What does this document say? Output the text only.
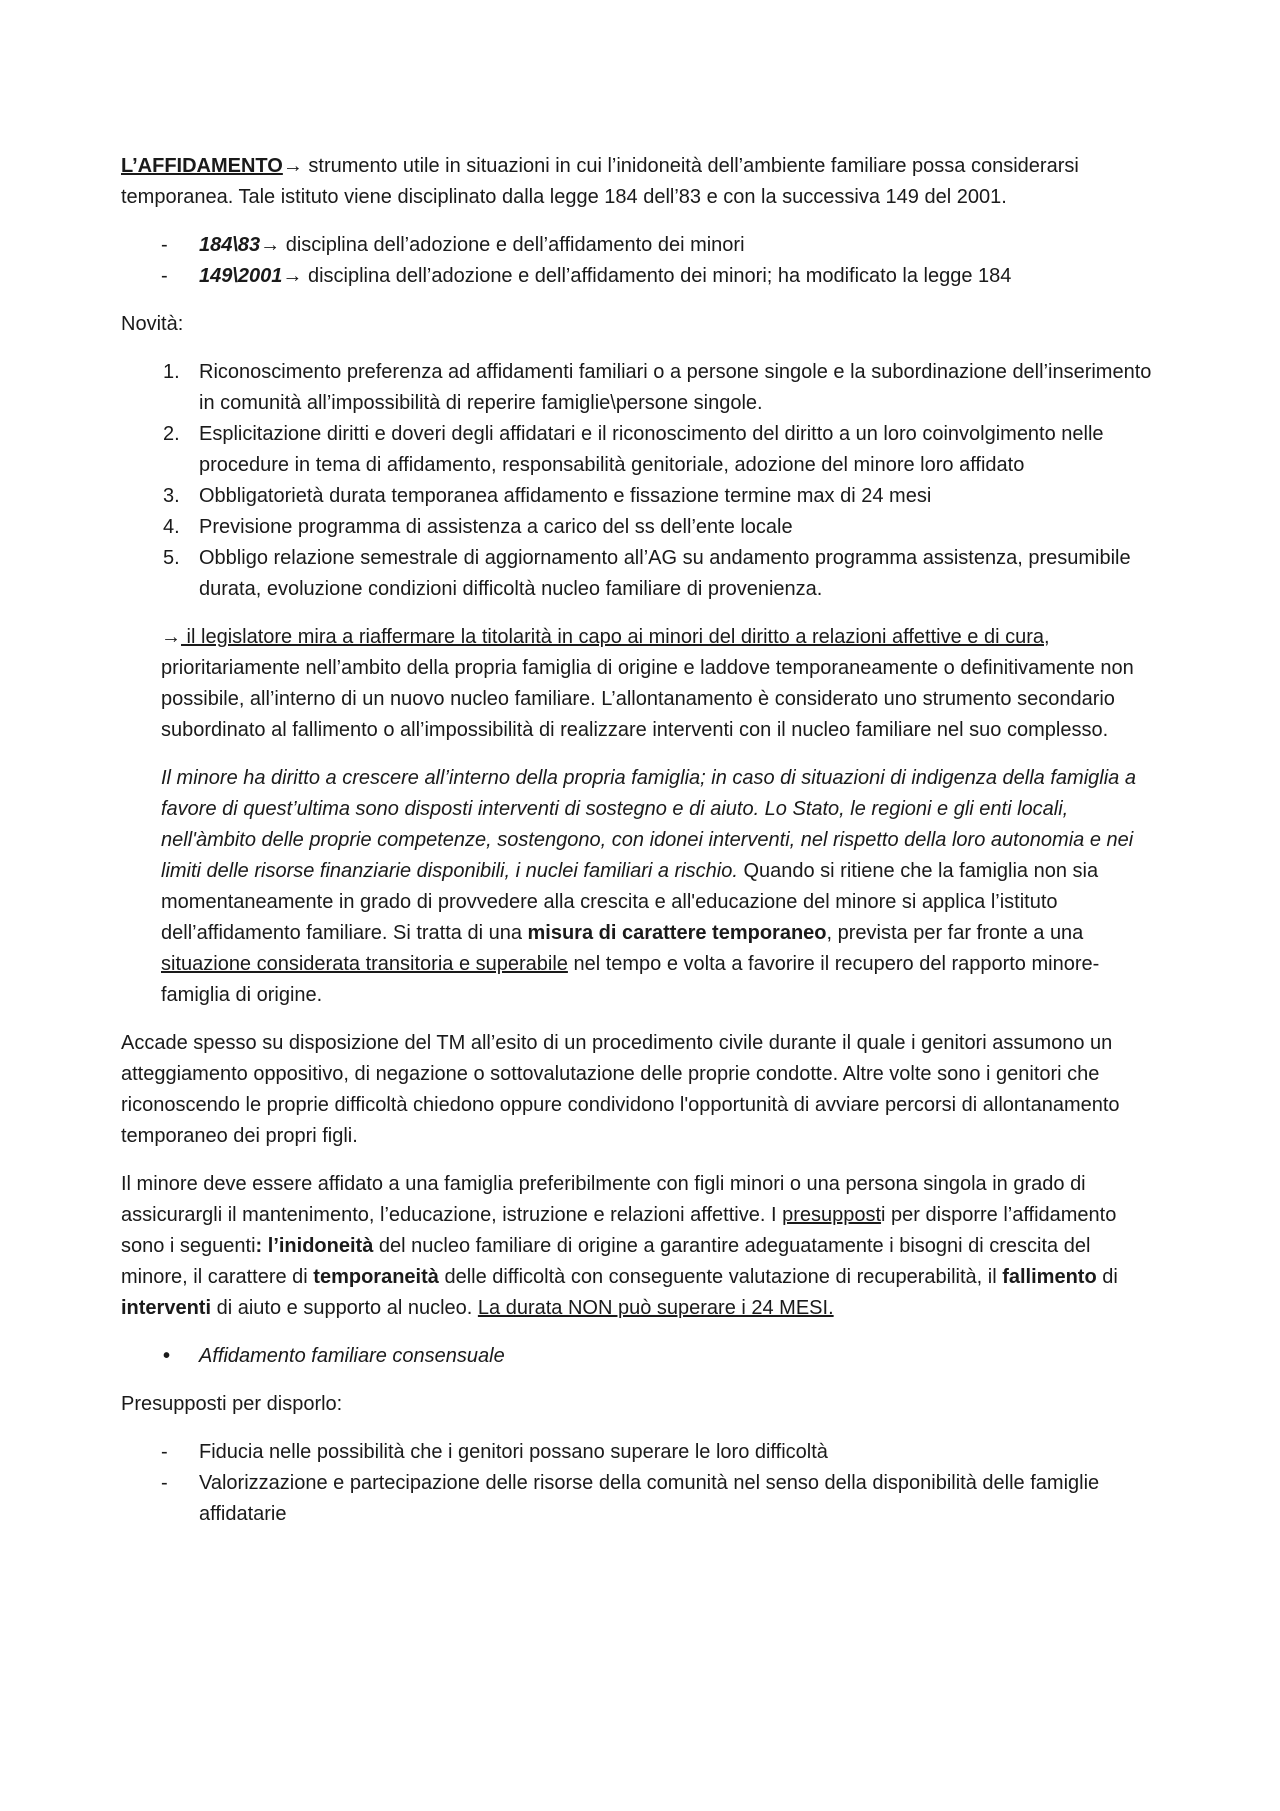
L’AFFIDAMENTO→ strumento utile in situazioni in cui l’inidoneità dell’ambiente familiare possa considerarsi temporanea. Tale istituto viene disciplinato dalla legge 184 dell’83 e con la successiva 149 del 2001.

-	184\83→ disciplina dell’adozione e dell’affidamento dei minori
-	149\2001→ disciplina dell’adozione e dell’affidamento dei minori; ha modificato la legge 184

Novità:

1. Riconoscimento preferenza ad affidamenti familiari o a persone singole e la subordinazione dell’inserimento in comunità all’impossibilità di reperire famiglie\persone singole.
2. Esplicitazione diritti e doveri degli affidatari e il riconoscimento del diritto a un loro coinvolgimento nelle procedure in tema di affidamento, responsabilità genitoriale, adozione del minore loro affidato
3. Obbligatorietà durata temporanea affidamento e fissazione termine max di 24 mesi
4. Previsione programma di assistenza a carico del ss dell’ente locale
5. Obbligo relazione semestrale di aggiornamento all’AG su andamento programma assistenza, presumibile durata, evoluzione condizioni difficoltà nucleo familiare di provenienza.

→ il legislatore mira a riaffermare la titolarità in capo ai minori del diritto a relazioni affettive e di cura, prioritariamente nell’ambito della propria famiglia di origine e laddove temporaneamente o definitivamente non possibile, all’interno di un nuovo nucleo familiare. L’allontanamento è considerato uno strumento secondario subordinato al fallimento o all’impossibilità di realizzare interventi con il nucleo familiare nel suo complesso.

Il minore ha diritto a crescere all’interno della propria famiglia; in caso di situazioni di indigenza della famiglia a favore di quest’ultima sono disposti interventi di sostegno e di aiuto. Lo Stato, le regioni e gli enti locali, nell'àmbito delle proprie competenze, sostengono, con idonei interventi, nel rispetto della loro autonomia e nei limiti delle risorse finanziarie disponibili, i nuclei familiari a rischio. Quando si ritiene che la famiglia non sia momentaneamente in grado di provvedere alla crescita e all'educazione del minore si applica l’istituto dell’affidamento familiare. Si tratta di una misura di carattere temporaneo, prevista per far fronte a una situazione considerata transitoria e superabile nel tempo e volta a favorire il recupero del rapporto minore-famiglia di origine.

Accade spesso su disposizione del TM all’esito di un procedimento civile durante il quale i genitori assumono un atteggiamento oppositivo, di negazione o sottovalutazione delle proprie condotte. Altre volte sono i genitori che riconoscendo le proprie difficoltà chiedono oppure condividono l'opportunità di avviare percorsi di allontanamento temporaneo dei propri figli.

Il minore deve essere affidato a una famiglia preferibilmente con figli minori o una persona singola in grado di assicurargli il mantenimento, l’educazione, istruzione e relazioni affettive. I presupposti per disporre l’affidamento sono i seguenti: l’inidoneità del nucleo familiare di origine a garantire adeguatamente i bisogni di crescita del minore, il carattere di temporaneità delle difficoltà con conseguente valutazione di recuperabilità, il fallimento di interventi di aiuto e supporto al nucleo. La durata NON può superare i 24 MESI.

•	Affidamento familiare consensuale

Presupposti per disporlo:

-	Fiducia nelle possibilità che i genitori possano superare le loro difficoltà
-	Valorizzazione e partecipazione delle risorse della comunità nel senso della disponibilità delle famiglie affidatarie
